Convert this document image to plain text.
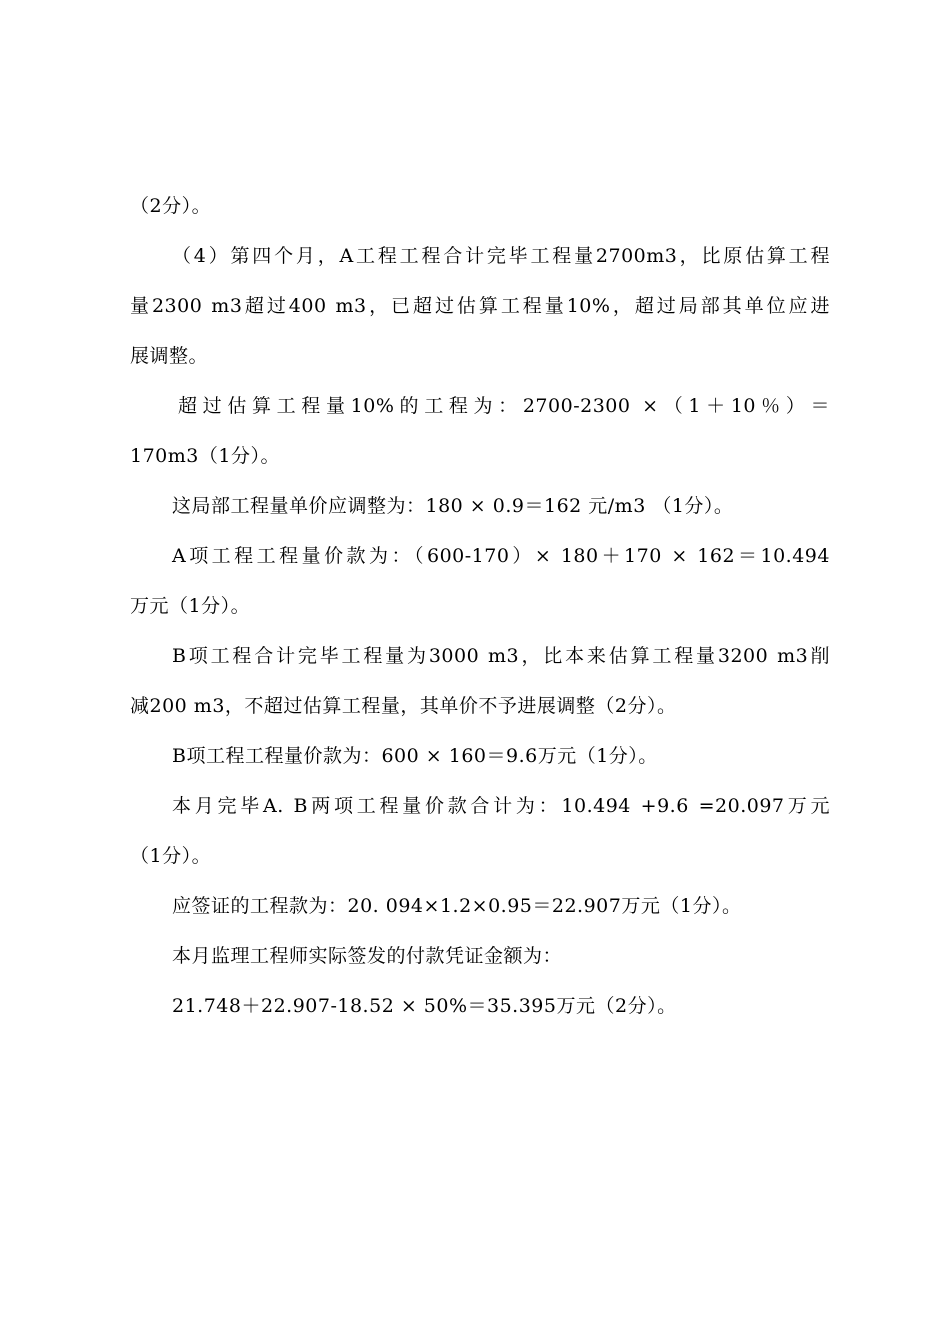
（2分）。
（4）第四个月，A工程工程合计完毕工程量2700m3，比原估算工程
量2300 m3超过400 m3，已超过估算工程量10%，超过局部其单位应进
展调整。
超过估算工程量10%的工程为：2700-2300 ×（1＋10％）＝
170m3（1分）。
这局部工程量单价应调整为：180 × 0.9＝162 元/m3 （1分）。
A项工程工程量价款为：（600-170）× 180＋170 × 162＝10.494
万元（1分）。
B项工程合计完毕工程量为3000 m3，比本来估算工程量3200 m3削
减200 m3，不超过估算工程量，其单价不予进展调整（2分）。
B项工程工程量价款为：600 × 160＝9.6万元（1分）。
本月完毕A. B两项工程量价款合计为：10.494 +9.6 =20.097万元
（1分）。
应签证的工程款为：20. 094×1.2×0.95＝22.907万元（1分）。
本月监理工程师实际签发的付款凭证金额为：
21.748＋22.907-18.52 × 50%＝35.395万元（2分）。
